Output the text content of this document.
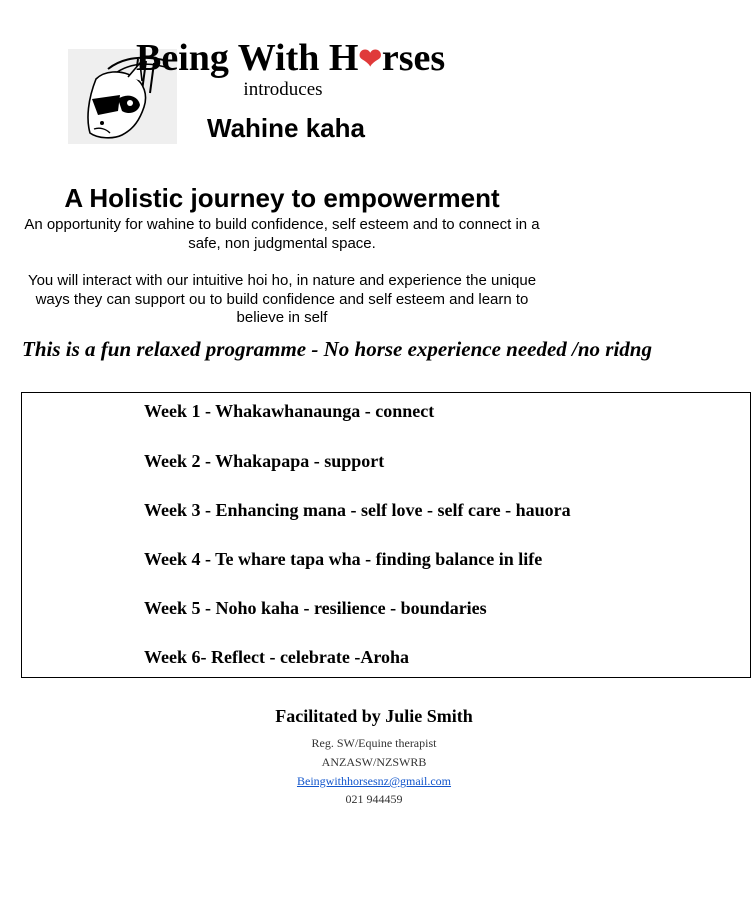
Being With H❤rses
introduces
Wahine kaha
A Holistic journey to empowerment
An opportunity for wahine to build confidence, self esteem and to connect in a safe, non judgmental space.
You will interact with our intuitive hoi ho, in nature and experience the unique ways they can support ou to build confidence and self esteem and learn to believe in self
This is a fun relaxed programme - No horse experience needed /no ridng
Week 1 - Whakawhanaunga - connect
Week 2 - Whakapapa - support
Week 3 - Enhancing mana - self love - self care - hauora
Week 4 - Te whare tapa wha - finding balance in life
Week 5 - Noho kaha - resilience - boundaries
Week 6- Reflect - celebrate -Aroha
Facilitated by Julie Smith
Reg. SW/Equine therapist
ANZASW/NZSWRB
Beingwithhorsesnz@gmail.com
021 944459
